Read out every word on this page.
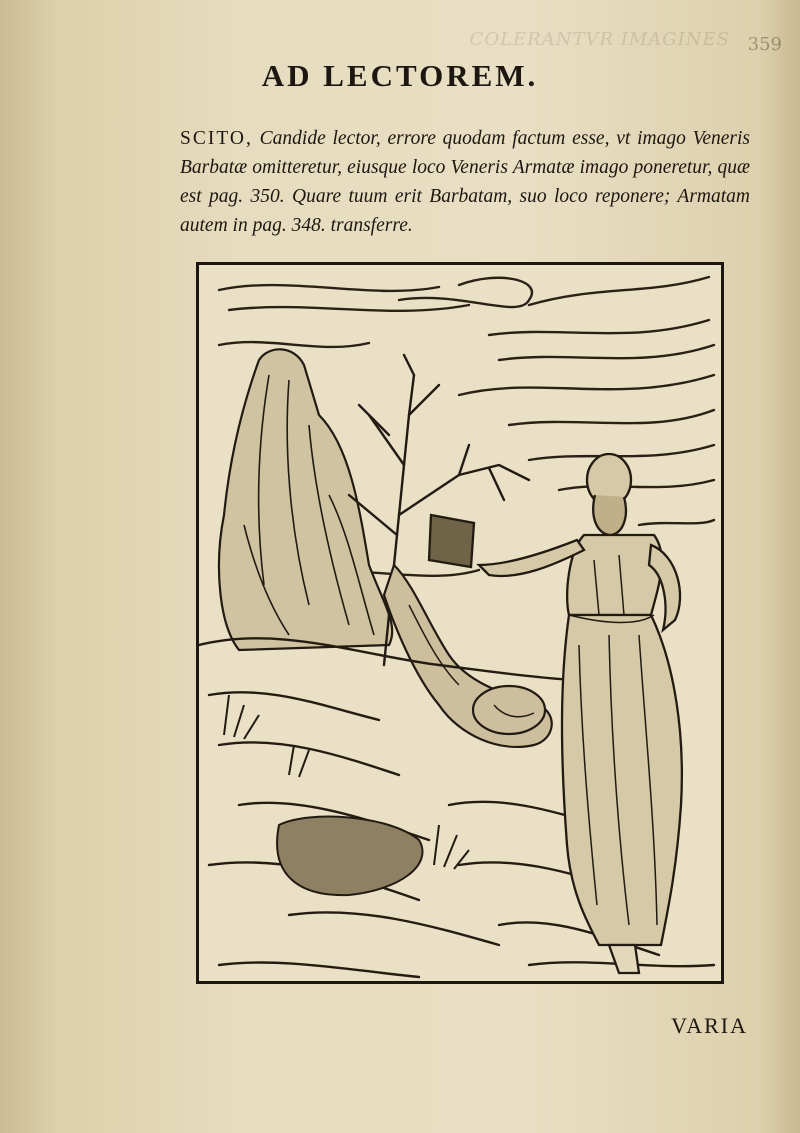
COLERANTVR IMAGINES 359
AD LECTOREM.

SCITO, Candide lector, errore quodam factum esse, vt imago Veneris Barbatæ omitteretur, eiusque loco Veneris Armatæ imago poneretur, quæ est pag. 350. Quare tuum erit Barbatam, suo loco reponere; Armatam autem in pag. 348. transferre.

VARIA
